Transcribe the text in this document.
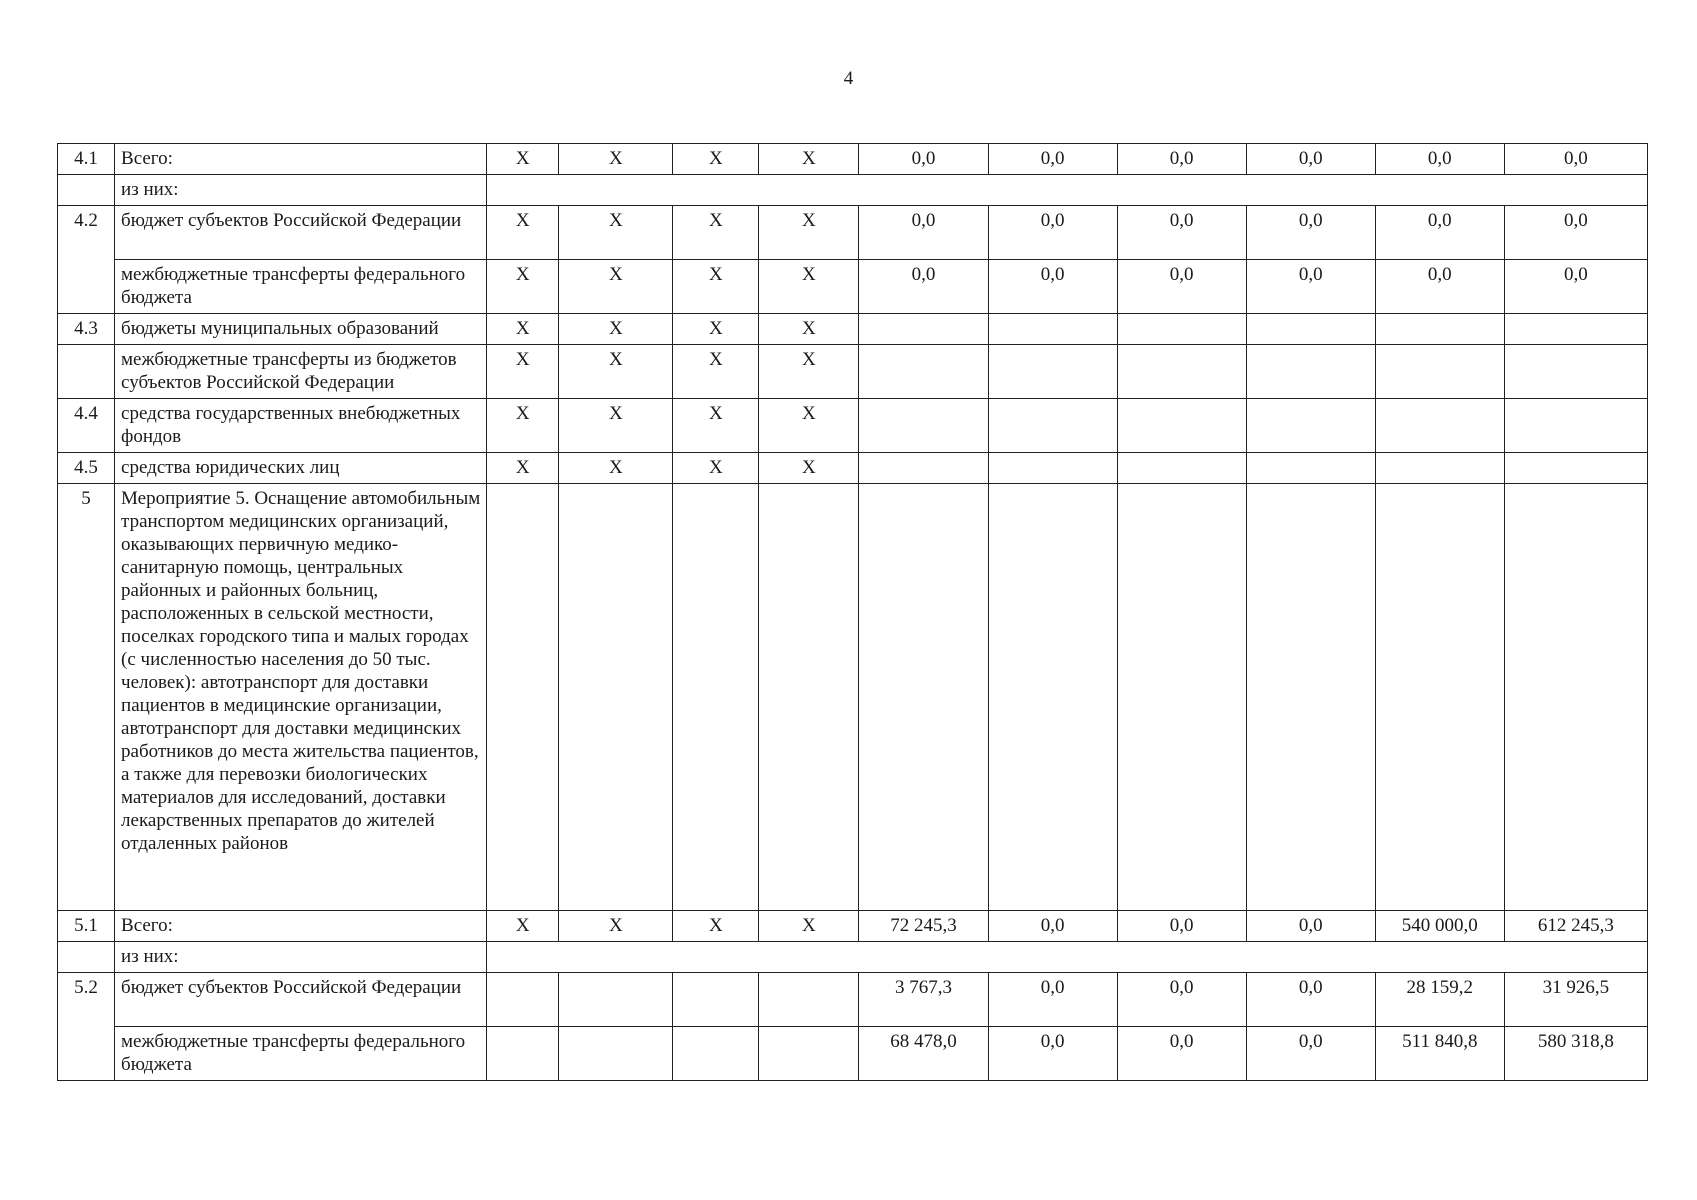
4
4.1	Всего:	Х	Х	Х	Х	0,0	0,0	0,0	0,0	0,0	0,0
	из них:										
4.2	бюджет субъектов Российской Федерации	Х	Х	Х	Х	0,0	0,0	0,0	0,0	0,0	0,0
	межбюджетные трансферты федерального бюджета	Х	Х	Х	Х	0,0	0,0	0,0	0,0	0,0	0,0
4.3	бюджеты муниципальных образований	Х	Х	Х	Х						
	межбюджетные трансферты из бюджетов субъектов Российской Федерации	Х	Х	Х	Х						
4.4	средства государственных внебюджетных фондов	Х	Х	Х	Х						
4.5	средства юридических лиц	Х	Х	Х	Х						
5	Мероприятие 5. Оснащение автомобильным транспортом медицинских организаций, оказывающих первичную медико-санитарную помощь, центральных районных и районных больниц, расположенных в сельской местности, поселках городского типа и малых городах (с численностью населения до 50 тыс. человек): автотранспорт для доставки пациентов в медицинские организации, автотранспорт для доставки медицинских работников до места жительства пациентов, а также для перевозки биологических материалов для исследований, доставки лекарственных препаратов до жителей отдаленных районов										
5.1	Всего:	Х	Х	Х	Х	72 245,3	0,0	0,0	0,0	540 000,0	612 245,3
	из них:										
5.2	бюджет субъектов Российской Федерации					3 767,3	0,0	0,0	0,0	28 159,2	31 926,5
	межбюджетные трансферты федерального бюджета					68 478,0	0,0	0,0	0,0	511 840,8	580 318,8
